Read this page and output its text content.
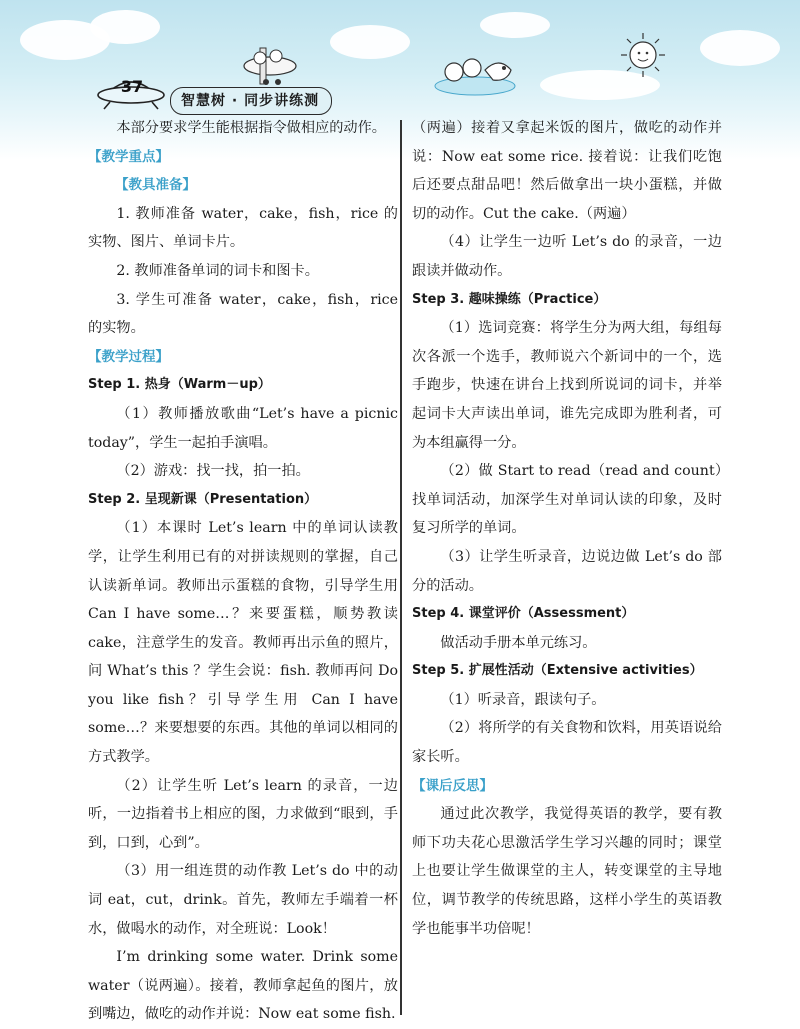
37
智慧树 · 同步讲练测

本部分要求学生能根据指令做相应的动作。

【教学重点】

【教具准备】

1. 教师准备 water，cake，fish，rice 的实物、图片、单词卡片。

2. 教师准备单词的词卡和图卡。

3. 学生可准备 water，cake，fish，rice 的实物。

【教学过程】

Step 1. 热身（Warm－up）

（1）教师播放歌曲“Let’s have a picnic today”，学生一起拍手演唱。

（2）游戏：找一找，拍一拍。

Step 2. 呈现新课（Presentation）

（1）本课时 Let’s learn 中的单词认读教学，让学生利用已有的对拼读规则的掌握，自己认读新单词。教师出示蛋糕的食物，引导学生用 Can I have some…？来要蛋糕，顺势教读 cake，注意学生的发音。教师再出示鱼的照片，问 What’s this ？学生会说：fish. 教师再问 Do you like fish？引导学生用 Can I have some…？来要想要的东西。其他的单词以相同的方式教学。

（2）让学生听 Let’s learn 的录音，一边听，一边指着书上相应的图，力求做到“眼到，手到，口到，心到”。

（3）用一组连贯的动作教 Let’s do 中的动词 eat，cut，drink。首先，教师左手端着一杯水，做喝水的动作，对全班说：Look！

I’m drinking some water. Drink some water（说两遍）。接着，教师拿起鱼的图片，放到嘴边，做吃的动作并说：Now eat some fish.

（两遍）接着又拿起米饭的图片，做吃的动作并说：Now eat some rice. 接着说：让我们吃饱后还要点甜品吧！然后做拿出一块小蛋糕，并做切的动作。Cut the cake.（两遍）

（4）让学生一边听 Let’s do 的录音，一边跟读并做动作。

Step 3. 趣味操练（Practice）

（1）选词竞赛：将学生分为两大组，每组每次各派一个选手，教师说六个新词中的一个，选手跑步，快速在讲台上找到所说词的词卡，并举起词卡大声读出单词，谁先完成即为胜利者，可为本组赢得一分。

（2）做 Start to read（read and count）找单词活动，加深学生对单词认读的印象，及时复习所学的单词。

（3）让学生听录音，边说边做 Let’s do 部分的活动。

Step 4. 课堂评价（Assessment）

做活动手册本单元练习。

Step 5. 扩展性活动（Extensive activities）

（1）听录音，跟读句子。

（2）将所学的有关食物和饮料，用英语说给家长听。

【课后反思】

通过此次教学，我觉得英语的教学，要有教师下功夫花心思激活学生学习兴趣的同时；课堂上也要让学生做课堂的主人，转变课堂的主导地位，调节教学的传统思路，这样小学生的英语教学也能事半功倍呢！
